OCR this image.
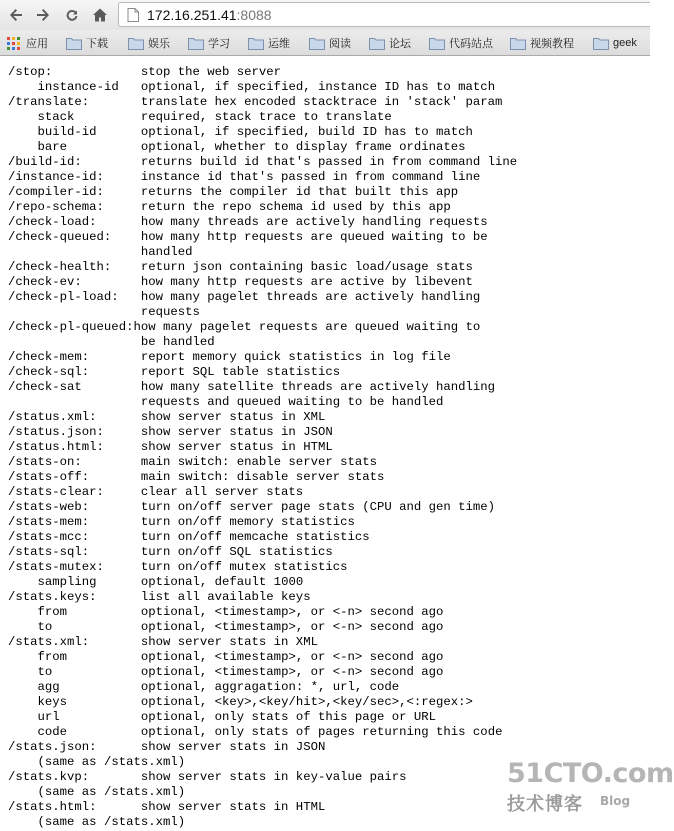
172.16.251.41 :8088
应用	下载	娱乐	学习	运维	阅读	论坛	代码站点	视频教程	geek
/stop:	stop the web server
instance-id optional, if specified, instance ID has to match
/translate:	translate hex encoded stacktrace in 'stack' param
stack	required, stack trace to translate
build-id	optional, if specified, build ID has to match
bare	optional, whether to display frame ordinates
/build-id:	returns build id that's passed in from command line
/instance-id:	instance id that's passed in from command line
/compiler-id:	returns the compiler id that built this app
/repo-schema:	return the repo schema id used by this app
/check-load:	how many threads are actively handling requests
/check-queued: how many http requests are queued waiting to be
handled
/check-health: return json containing basic load/usage stats
/check-ev:	how many http requests are active by libevent
/check-pl-load: how many pagelet threads are actively handling
requests
/check-pl-queued:how many pagelet requests are queued waiting to
be handled
/check-mem:	report memory quick statistics in log file
/check-sql:	report SQL table statistics
/check-sat	how many satellite threads are actively handling
requests and queued waiting to be handled
/status.xml:	show server status in XML
/status.json:	show server status in JSON
/status.html:	show server status in HTML
/stats-on:	main switch: enable server stats
/stats-off:	main switch: disable server stats
/stats-clear:	clear all server stats
/stats-web:	turn on/off server page stats (CPU and gen time)
/stats-mem:	turn on/off memory statistics
/stats-mcc:	turn on/off memcache statistics
/stats-sql:	turn on/off SQL statistics
/stats-mutex:	turn on/off mutex statistics
sampling	optional, default 1000
/stats.keys:	list all available keys
from	optional, <timestamp>, or <-n> second ago
to	optional, <timestamp>, or <-n> second ago
/stats.xml:	show server stats in XML
from	optional, <timestamp>, or <-n> second ago
to	optional, <timestamp>, or <-n> second ago
agg	optional, aggragation: *, url, code
keys	optional, <key>,<key/hit>,<key/sec>,<:regex:>
url	optional, only stats of this page or URL
code	optional, only stats of pages returning this code
/stats.json:	show server stats in JSON
(same as /stats.xml)
/stats.kvp:	show server stats in key-value pairs
(same as /stats.xml)
/stats.html:	show server stats in HTML
(same as /stats.xml)
51CTO.com
技术博客 Blog
